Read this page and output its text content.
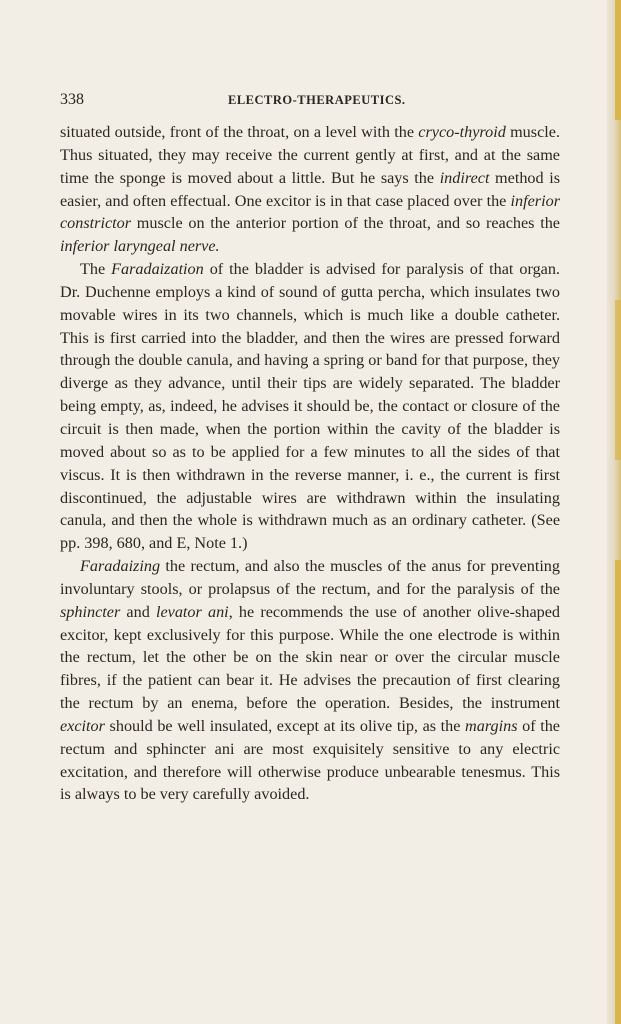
338	ELECTRO-THERAPEUTICS.

situated outside, front of the throat, on a level with the cryco-thyroid muscle. Thus situated, they may receive the current gently at first, and at the same time the sponge is moved about a little. But he says the indirect method is easier, and often effectual. One excitor is in that case placed over the inferior constrictor muscle on the anterior portion of the throat, and so reaches the inferior laryngeal nerve.

The Faradaization of the bladder is advised for paralysis of that organ. Dr. Duchenne employs a kind of sound of gutta percha, which insulates two movable wires in its two channels, which is much like a double catheter. This is first carried into the bladder, and then the wires are pressed forward through the double canula, and having a spring or band for that purpose, they diverge as they advance, until their tips are widely separated. The bladder being empty, as, indeed, he advises it should be, the contact or closure of the circuit is then made, when the portion within the cavity of the bladder is moved about so as to be applied for a few minutes to all the sides of that viscus. It is then withdrawn in the reverse manner, i. e., the current is first discontinued, the adjustable wires are withdrawn within the insulating canula, and then the whole is withdrawn much as an ordinary catheter. (See pp. 398, 680, and E, Note 1.)

Faradaizing the rectum, and also the muscles of the anus for preventing involuntary stools, or prolapsus of the rectum, and for the paralysis of the sphincter and levator ani, he recommends the use of another olive-shaped excitor, kept exclusively for this purpose. While the one electrode is within the rectum, let the other be on the skin near or over the circular muscle fibres, if the patient can bear it. He advises the precaution of first clearing the rectum by an enema, before the operation. Besides, the instrument excitor should be well insulated, except at its olive tip, as the margins of the rectum and sphincter ani are most exquisitely sensitive to any electric excitation, and therefore will otherwise produce unbearable tenesmus. This is always to be very carefully avoided.
